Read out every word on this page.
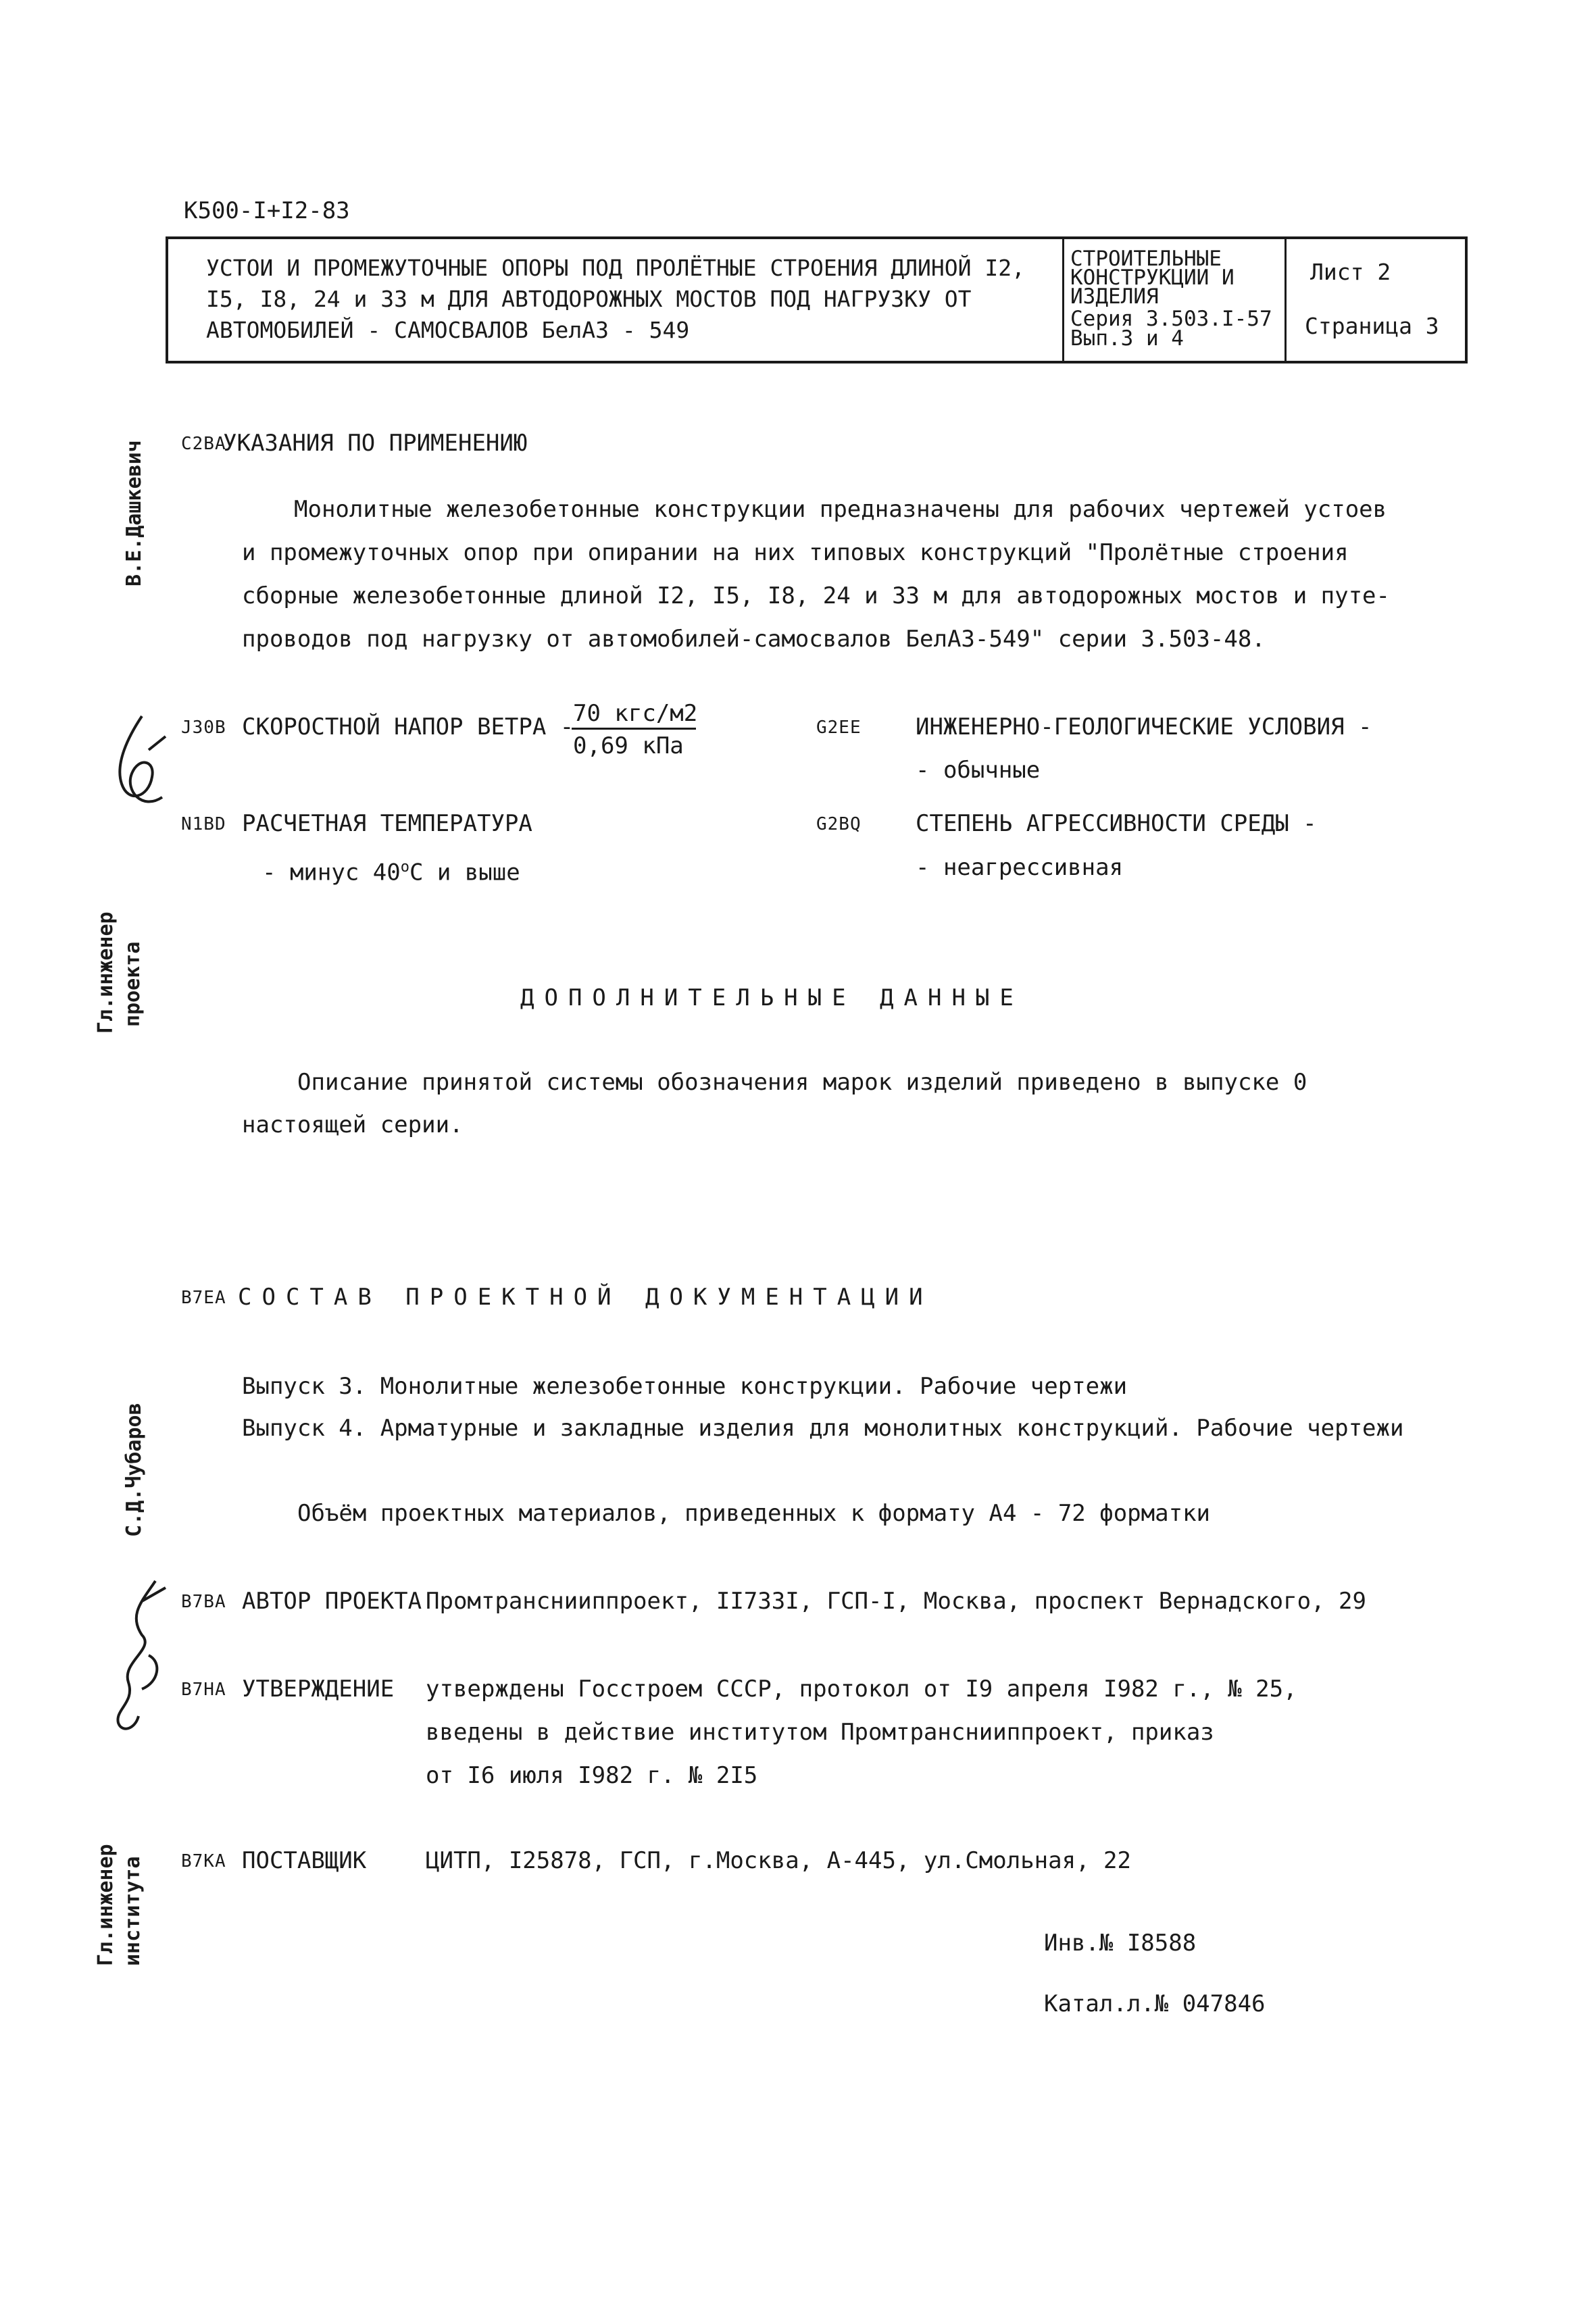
К500-I+I2-83
УСТОИ И ПРОМЕЖУТОЧНЫЕ ОПОРЫ ПОД ПРОЛЁТНЫЕ СТРОЕНИЯ ДЛИНОЙ I2,
I5, I8, 24 и 33 м ДЛЯ АВТОДОРОЖНЫХ МОСТОВ ПОД НАГРУЗКУ ОТ
АВТОМОБИЛЕЙ - САМОСВАЛОВ БелАЗ - 549
СТРОИТЕЛЬНЫЕ
КОНСТРУКЦИИ И
ИЗДЕЛИЯ
Серия 3.503.I-57
Вып.3 и 4
Лист 2
Страница 3
В.Е.Дашкевич
Гл.инженер проекта
С.Д.Чубаров
Гл.инженер института
C2BA
УКАЗАНИЯ ПО ПРИМЕНЕНИЮ
Монолитные железобетонные конструкции предназначены для рабочих чертежей устоев
и промежуточных опор при опирании на них типовых конструкций "Пролётные строения
сборные железобетонные длиной I2, I5, I8, 24 и 33 м для автодорожных мостов и путе-
проводов под нагрузку от автомобилей-самосвалов БелАЗ-549" серии 3.503-48.
J30B СКОРОСТНОЙ НАПОР ВЕТРА -
70 кгс/м2
0,69 кПа
G2EE ИНЖЕНЕРНО-ГЕОЛОГИЧЕСКИЕ УСЛОВИЯ -
- обычные
N1BD РАСЧЕТНАЯ ТЕМПЕРАТУРА
- минус $40^оС$ и выше
G2BQ СТЕПЕНЬ АГРЕССИВНОСТИ СРЕДЫ -
- неагрессивная
ДОПОЛНИТЕЛЬНЫЕ ДАННЫЕ
Описание принятой системы обозначения марок изделий приведено в выпуске 0
настоящей серии.
B7EA СОСТАВ ПРОЕКТНОЙ ДОКУМЕНТАЦИИ
Выпуск 3. Монолитные железобетонные конструкции. Рабочие чертежи
Выпуск 4. Арматурные и закладные изделия для монолитных конструкций. Рабочие чертежи
Объём проектных материалов, приведенных к формату А4 - 72 форматки
B7BA АВТОР ПРОЕКТА Промтранснииппроект, II733I, ГСП-I, Москва, проспект Вернадского, 29
B7HA УТВЕРЖДЕНИЕ утверждены Госстроем СССР, протокол от I9 апреля I982 г., № 25,
введены в действие институтом Промтранснииппроект, приказ
от I6 июля I982 г. № 2I5
B7KA ПОСТАВЩИК	ЦИТП, I25878, ГСП, г.Москва, А-445, ул.Смольная, 22
Инв.№ I8588
Катал.л.№ 047846
